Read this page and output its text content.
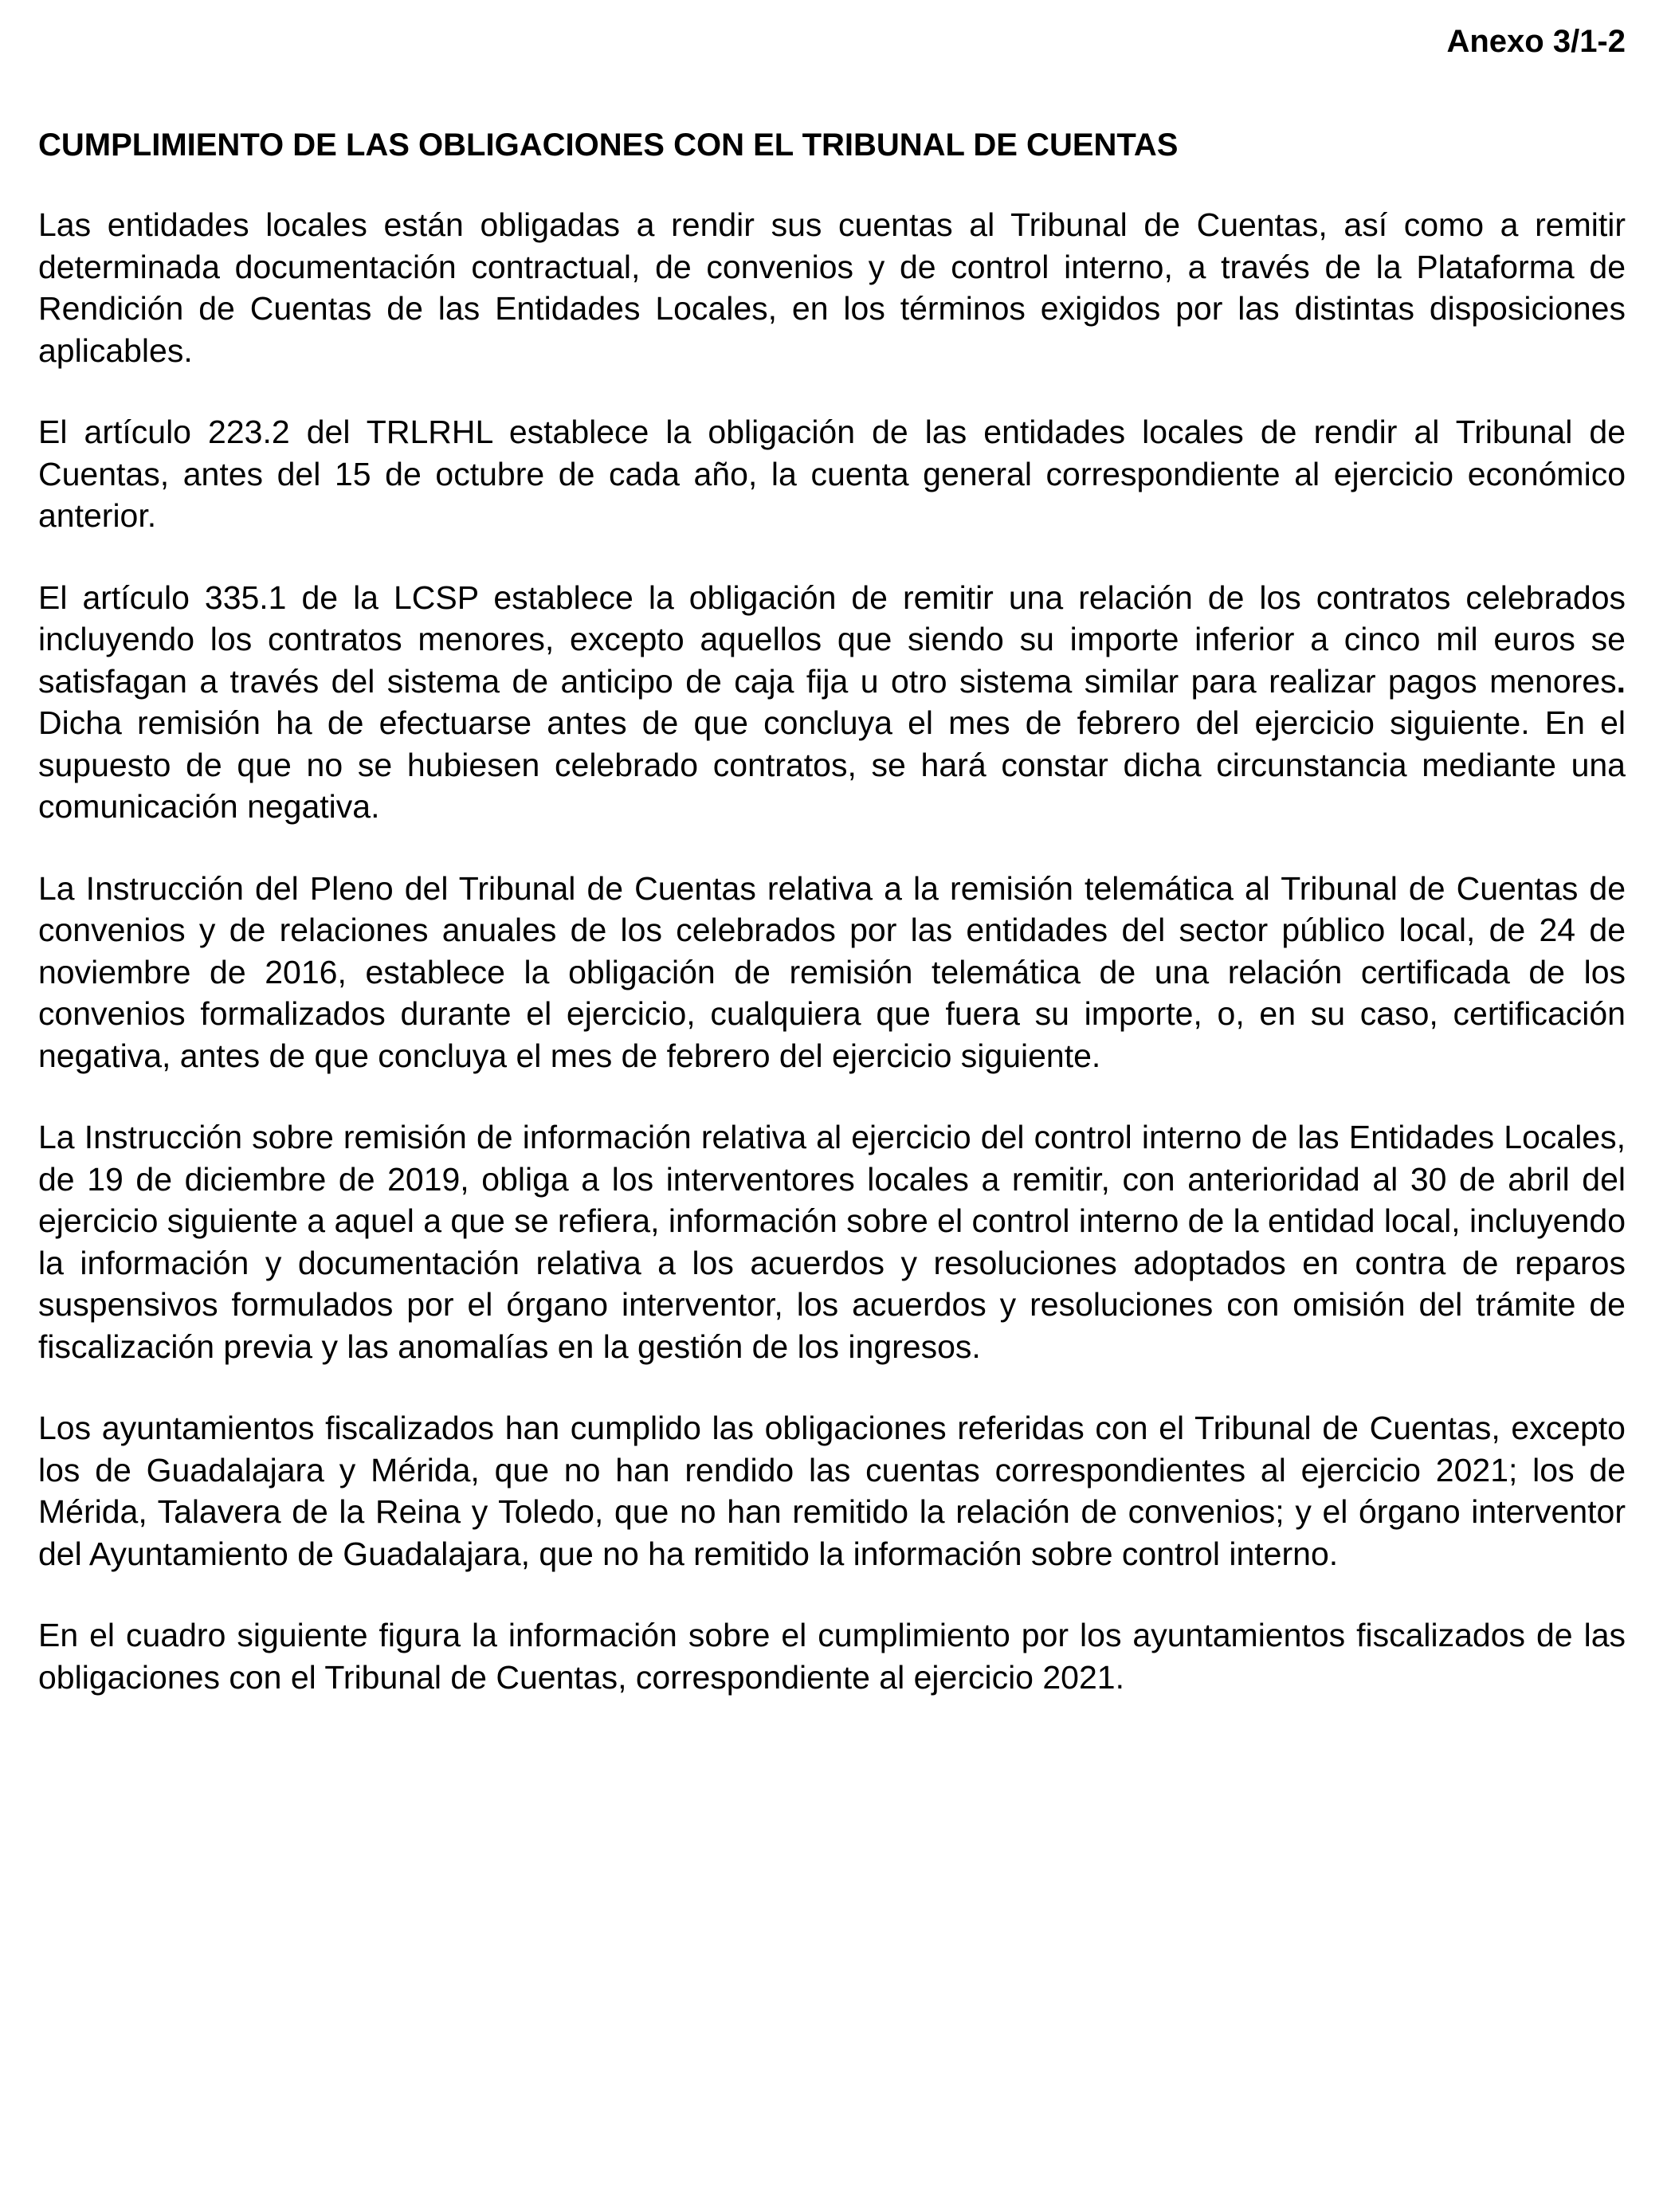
Anexo 3/1-2

CUMPLIMIENTO DE LAS OBLIGACIONES CON EL TRIBUNAL DE CUENTAS

Las entidades locales están obligadas a rendir sus cuentas al Tribunal de Cuentas, así como a remitir determinada documentación contractual, de convenios y de control interno, a través de la Plataforma de Rendición de Cuentas de las Entidades Locales, en los términos exigidos por las distintas disposiciones aplicables.

El artículo 223.2 del TRLRHL establece la obligación de las entidades locales de rendir al Tribunal de Cuentas, antes del 15 de octubre de cada año, la cuenta general correspondiente al ejercicio económico anterior.

El artículo 335.1 de la LCSP establece la obligación de remitir una relación de los contratos celebrados incluyendo los contratos menores, excepto aquellos que siendo su importe inferior a cinco mil euros se satisfagan a través del sistema de anticipo de caja fija u otro sistema similar para realizar pagos menores. Dicha remisión ha de efectuarse antes de que concluya el mes de febrero del ejercicio siguiente. En el supuesto de que no se hubiesen celebrado contratos, se hará constar dicha circunstancia mediante una comunicación negativa.

La Instrucción del Pleno del Tribunal de Cuentas relativa a la remisión telemática al Tribunal de Cuentas de convenios y de relaciones anuales de los celebrados por las entidades del sector público local, de 24 de noviembre de 2016, establece la obligación de remisión telemática de una relación certificada de los convenios formalizados durante el ejercicio, cualquiera que fuera su importe, o, en su caso, certificación negativa, antes de que concluya el mes de febrero del ejercicio siguiente.

La Instrucción sobre remisión de información relativa al ejercicio del control interno de las Entidades Locales, de 19 de diciembre de 2019, obliga a los interventores locales a remitir, con anterioridad al 30 de abril del ejercicio siguiente a aquel a que se refiera, información sobre el control interno de la entidad local, incluyendo la información y documentación relativa a los acuerdos y resoluciones adoptados en contra de reparos suspensivos formulados por el órgano interventor, los acuerdos y resoluciones con omisión del trámite de fiscalización previa y las anomalías en la gestión de los ingresos.

Los ayuntamientos fiscalizados han cumplido las obligaciones referidas con el Tribunal de Cuentas, excepto los de Guadalajara y Mérida, que no han rendido las cuentas correspondientes al ejercicio 2021; los de Mérida, Talavera de la Reina y Toledo, que no han remitido la relación de convenios; y el órgano interventor del Ayuntamiento de Guadalajara, que no ha remitido la información sobre control interno.

En el cuadro siguiente figura la información sobre el cumplimiento por los ayuntamientos fiscalizados de las obligaciones con el Tribunal de Cuentas, correspondiente al ejercicio 2021.
